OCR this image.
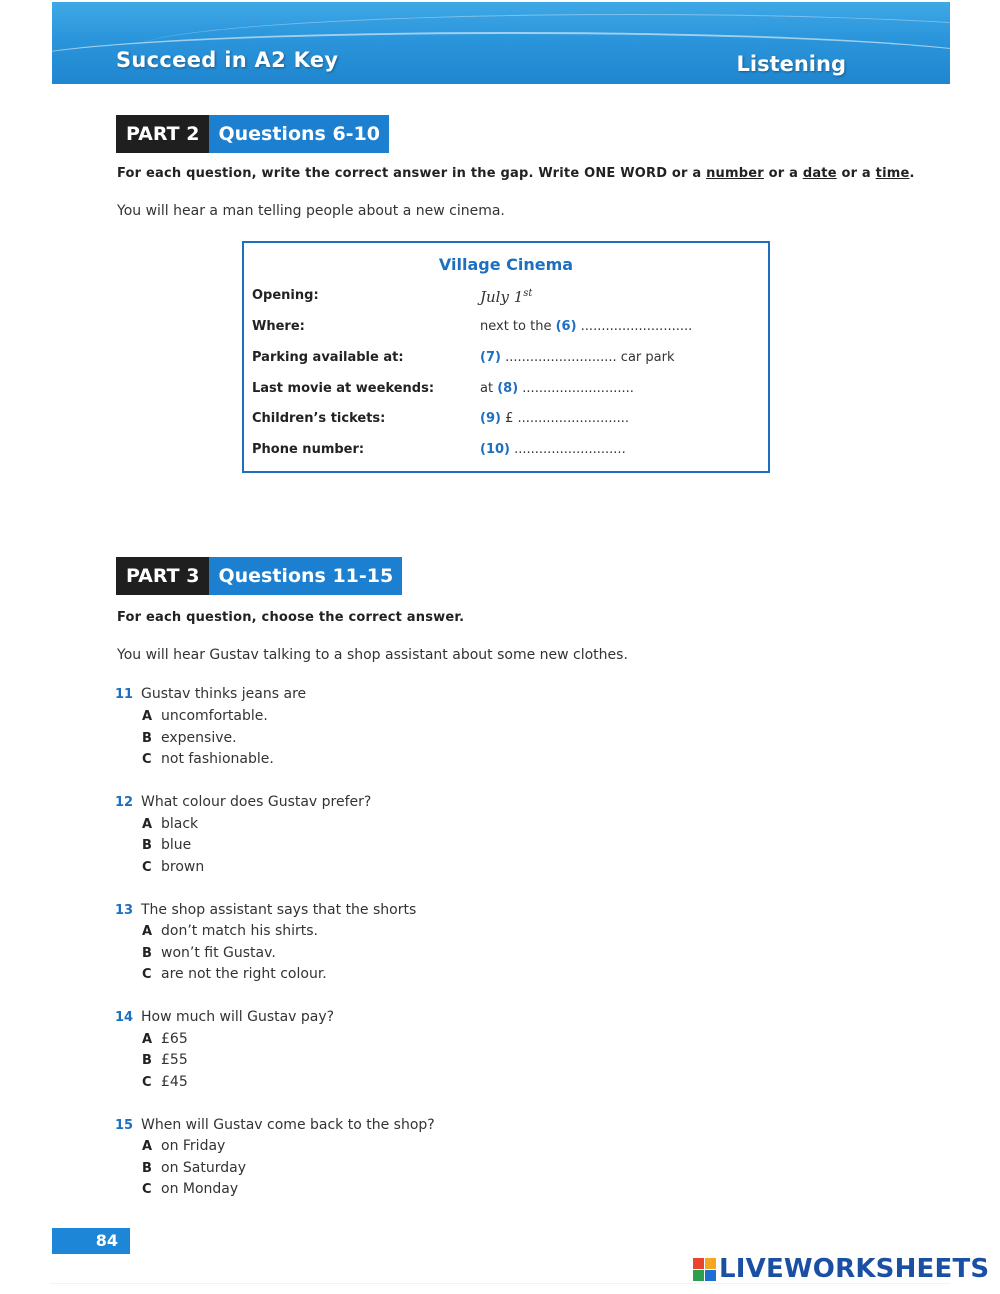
Succeed in A2 Key	Listening
PART 2	Questions 6-10
For each question, write the correct answer in the gap. Write ONE WORD or a number or a date or a time.
You will hear a man telling people about a new cinema.
Village Cinema
Opening:	July 1st
Where:	next to the (6) ...........................
Parking available at:	(7) ........................... car park
Last movie at weekends:	at (8) ...........................
Children’s tickets:	(9) £ ...........................
Phone number:	(10) ...........................
PART 3	Questions 11-15
For each question, choose the correct answer.
You will hear Gustav talking to a shop assistant about some new clothes.
11 Gustav thinks jeans are
A uncomfortable.
B expensive.
C not fashionable.
12 What colour does Gustav prefer?
A black
B blue
C brown
13 The shop assistant says that the shorts
A don’t match his shirts.
B won’t fit Gustav.
C are not the right colour.
14 How much will Gustav pay?
A £65
B £55
C £45
15 When will Gustav come back to the shop?
A on Friday
B on Saturday
C on Monday
84
LIVEWORKSHEETS
